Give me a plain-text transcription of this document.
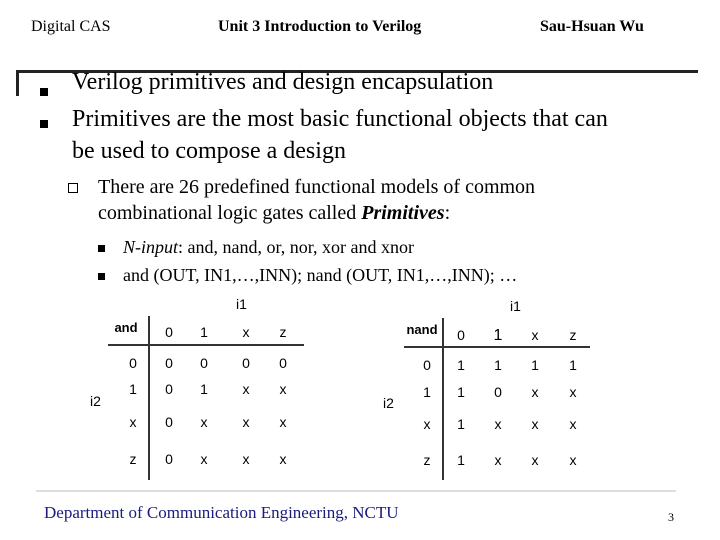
Digital CAS	Unit 3 Introduction to Verilog	Sau-Hsuan Wu
Verilog primitives and design encapsulation
Primitives are the most basic functional objects that can
be used to compose a design
There are 26 predefined functional models of common
combinational logic gates called Primitives:
N-input: and, nand, or, nor, xor and xnor
and (OUT, IN1,…,INN); nand (OUT, IN1,…,INN); …
i1
i2
and	0	1	x	z
0	0	0	0	0
1	0	1	x	x
x	0	x	x	x
z	0	x	x	x
i1
i2
nand	0	1	x	z
0	1	1	1	1
1	1	0	x	x
x	1	x	x	x
z	1	x	x	x
Department of Communication Engineering, NCTU	3
